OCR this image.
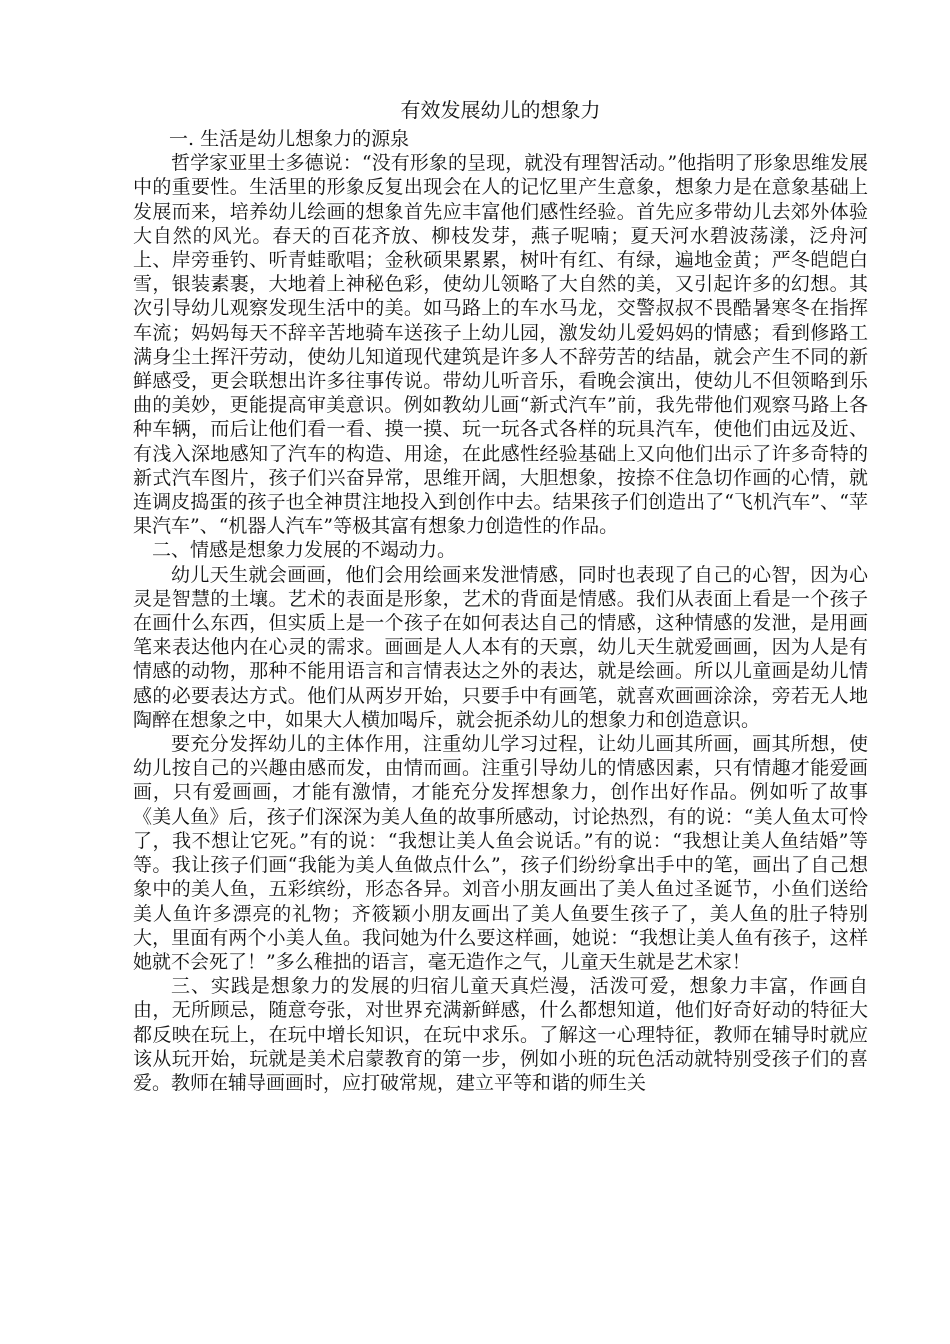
有效发展幼儿的想象力

一. 生活是幼儿想象力的源泉

哲学家亚里士多德说：“没有形象的呈现，就没有理智活动。”他指明了形象思维发展中的重要性。生活里的形象反复出现会在人的记忆里产生意象，想象力是在意象基础上发展而来，培养幼儿绘画的想象首先应丰富他们感性经验。首先应多带幼儿去郊外体验大自然的风光。春天的百花齐放、柳枝发芽，燕子呢喃；夏天河水碧波荡漾，泛舟河上、岸旁垂钓、听青蛙歌唱；金秋硕果累累，树叶有红、有绿，遍地金黄；严冬皑皑白雪，银装素裹，大地着上神秘色彩，使幼儿领略了大自然的美，又引起许多的幻想。其次引导幼儿观察发现生活中的美。如马路上的车水马龙，交警叔叔不畏酷暑寒冬在指挥车流；妈妈每天不辞辛苦地骑车送孩子上幼儿园，激发幼儿爱妈妈的情感；看到修路工满身尘土挥汗劳动，使幼儿知道现代建筑是许多人不辞劳苦的结晶，就会产生不同的新鲜感受，更会联想出许多往事传说。带幼儿听音乐，看晚会演出，使幼儿不但领略到乐曲的美妙，更能提高审美意识。例如教幼儿画“新式汽车”前，我先带他们观察马路上各种车辆，而后让他们看一看、摸一摸、玩一玩各式各样的玩具汽车，使他们由远及近、有浅入深地感知了汽车的构造、用途，在此感性经验基础上又向他们出示了许多奇特的新式汽车图片，孩子们兴奋异常，思维开阔，大胆想象，按捺不住急切作画的心情，就连调皮捣蛋的孩子也全神贯注地投入到创作中去。结果孩子们创造出了“飞机汽车”、“苹果汽车”、“机器人汽车”等极其富有想象力创造性的作品。

二、情感是想象力发展的不竭动力。

幼儿天生就会画画，他们会用绘画来发泄情感，同时也表现了自己的心智，因为心灵是智慧的土壤。艺术的表面是形象，艺术的背面是情感。我们从表面上看是一个孩子在画什么东西，但实质上是一个孩子在如何表达自己的情感，这种情感的发泄，是用画笔来表达他内在心灵的需求。画画是人人本有的天禀，幼儿天生就爱画画，因为人是有情感的动物，那种不能用语言和言情表达之外的表达，就是绘画。所以儿童画是幼儿情感的必要表达方式。他们从两岁开始，只要手中有画笔，就喜欢画画涂涂，旁若无人地陶醉在想象之中，如果大人横加喝斥，就会扼杀幼儿的想象力和创造意识。

要充分发挥幼儿的主体作用，注重幼儿学习过程，让幼儿画其所画，画其所想，使幼儿按自己的兴趣由感而发，由情而画。注重引导幼儿的情感因素，只有情趣才能爱画画，只有爱画画，才能有激情，才能充分发挥想象力，创作出好作品。例如听了故事《美人鱼》后，孩子们深深为美人鱼的故事所感动，讨论热烈，有的说：“美人鱼太可怜了，我不想让它死。”有的说：“我想让美人鱼会说话。”有的说：“我想让美人鱼结婚”等等。我让孩子们画“我能为美人鱼做点什么”，孩子们纷纷拿出手中的笔，画出了自己想象中的美人鱼，五彩缤纷，形态各异。刘音小朋友画出了美人鱼过圣诞节，小鱼们送给美人鱼许多漂亮的礼物；齐筱颖小朋友画出了美人鱼要生孩子了，美人鱼的肚子特别大，里面有两个小美人鱼。我问她为什么要这样画，她说：“我想让美人鱼有孩子，这样她就不会死了！”多么稚拙的语言，毫无造作之气，儿童天生就是艺术家！

三、实践是想象力的发展的归宿儿童天真烂漫，活泼可爱，想象力丰富，作画自由，无所顾忌，随意夸张，对世界充满新鲜感，什么都想知道，他们好奇好动的特征大都反映在玩上，在玩中增长知识，在玩中求乐。了解这一心理特征，教师在辅导时就应该从玩开始，玩就是美术启蒙教育的第一步，例如小班的玩色活动就特别受孩子们的喜爱。教师在辅导画画时，应打破常规，建立平等和谐的师生关
